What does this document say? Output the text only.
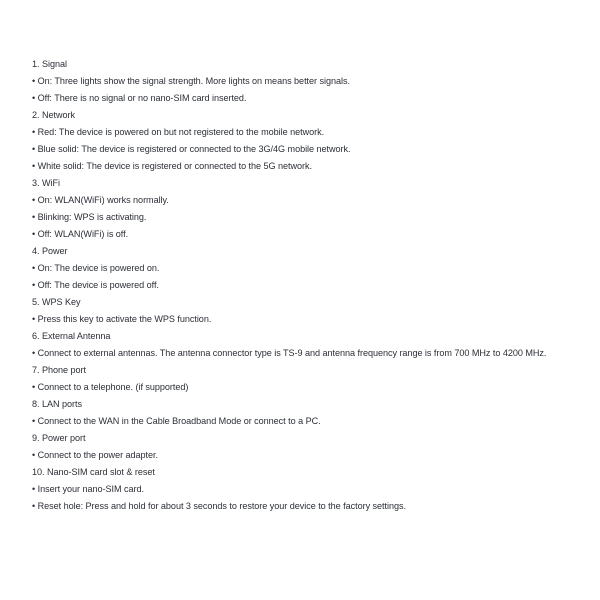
1. Signal
• On: Three lights show the signal strength. More lights on means better signals.
• Off: There is no signal or no nano-SIM card inserted.
2. Network
• Red: The device is powered on but not registered to the mobile network.
• Blue solid: The device is registered or connected to the 3G/4G mobile network.
• White solid: The device is registered or connected to the 5G network.
3. WiFi
• On: WLAN(WiFi) works normally.
• Blinking: WPS is activating.
• Off: WLAN(WiFi) is off.
4. Power
• On: The device is powered on.
• Off: The device is powered off.
5. WPS Key
• Press this key to activate the WPS function.
6. External Antenna
• Connect to external antennas. The antenna connector type is TS-9 and antenna frequency range is from 700 MHz to 4200 MHz.
7. Phone port
• Connect to a telephone. (if supported)
8. LAN ports
• Connect to the WAN in the Cable Broadband Mode or connect to a PC.
9. Power port
• Connect to the power adapter.
10. Nano-SIM card slot & reset
• Insert your nano-SIM card.
• Reset hole: Press and hold for about 3 seconds to restore your device to the factory settings.
